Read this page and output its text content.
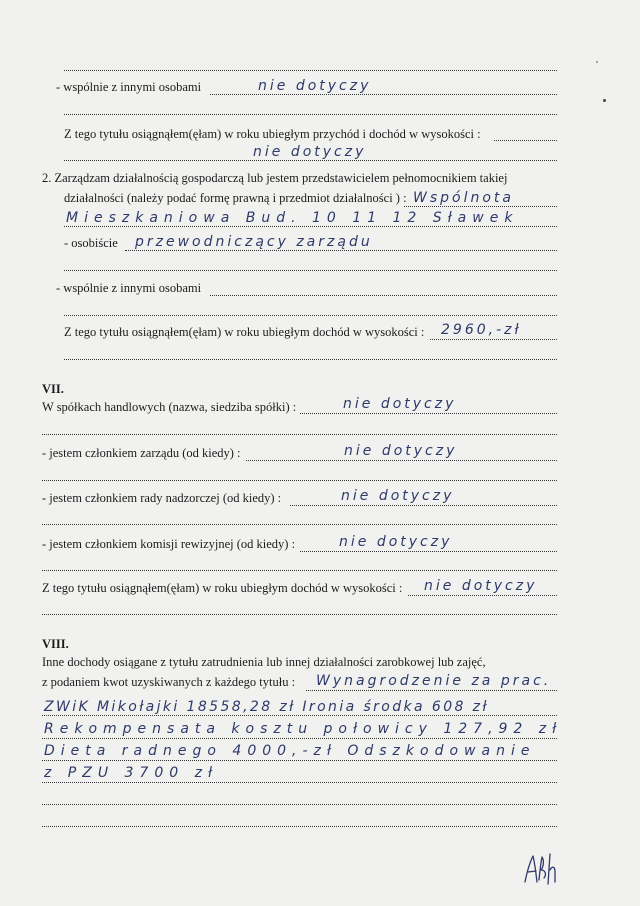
- wspólnie z innymi osobami	nie dotyczy
Z tego tytułu osiągnąłem(ęłam) w roku ubiegłym przychód i dochód w wysokości :
nie dotyczy
2. Zarządzam działalnością gospodarczą lub jestem przedstawicielem pełnomocnikiem takiej
działalności (należy podać formę prawną i przedmiot działalności ) : Wspólnota
Mieszkaniowa Bud. 10 11 12 Sławek
- osobiście przewodniczący zarządu
- wspólnie z innymi osobami
Z tego tytułu osiągnąłem(ęłam) w roku ubiegłym dochód w wysokości : 2960,-zł
VII.
W spółkach handlowych (nazwa, siedziba spółki) :	nie dotyczy
- jestem członkiem zarządu (od kiedy) :	nie dotyczy
- jestem członkiem rady nadzorczej (od kiedy) :	nie dotyczy
- jestem członkiem komisji rewizyjnej (od kiedy) :	nie dotyczy
Z tego tytułu osiągnąłem(ęłam) w roku ubiegłym dochód w wysokości : nie dotyczy
VIII.
Inne dochody osiągane z tytułu zatrudnienia lub innej działalności zarobkowej lub zajęć,
z podaniem kwot uzyskiwanych z każdego tytułu : Wynagrodzenie za prac.
ZWiK Mikołajki 18558,28 zł Ironia środka 608 zł
Rekompensata kosztu połowicy 127,92 zł
Dieta radnego 4000,-zł Odszkodowanie
z PZU 3700 zł
